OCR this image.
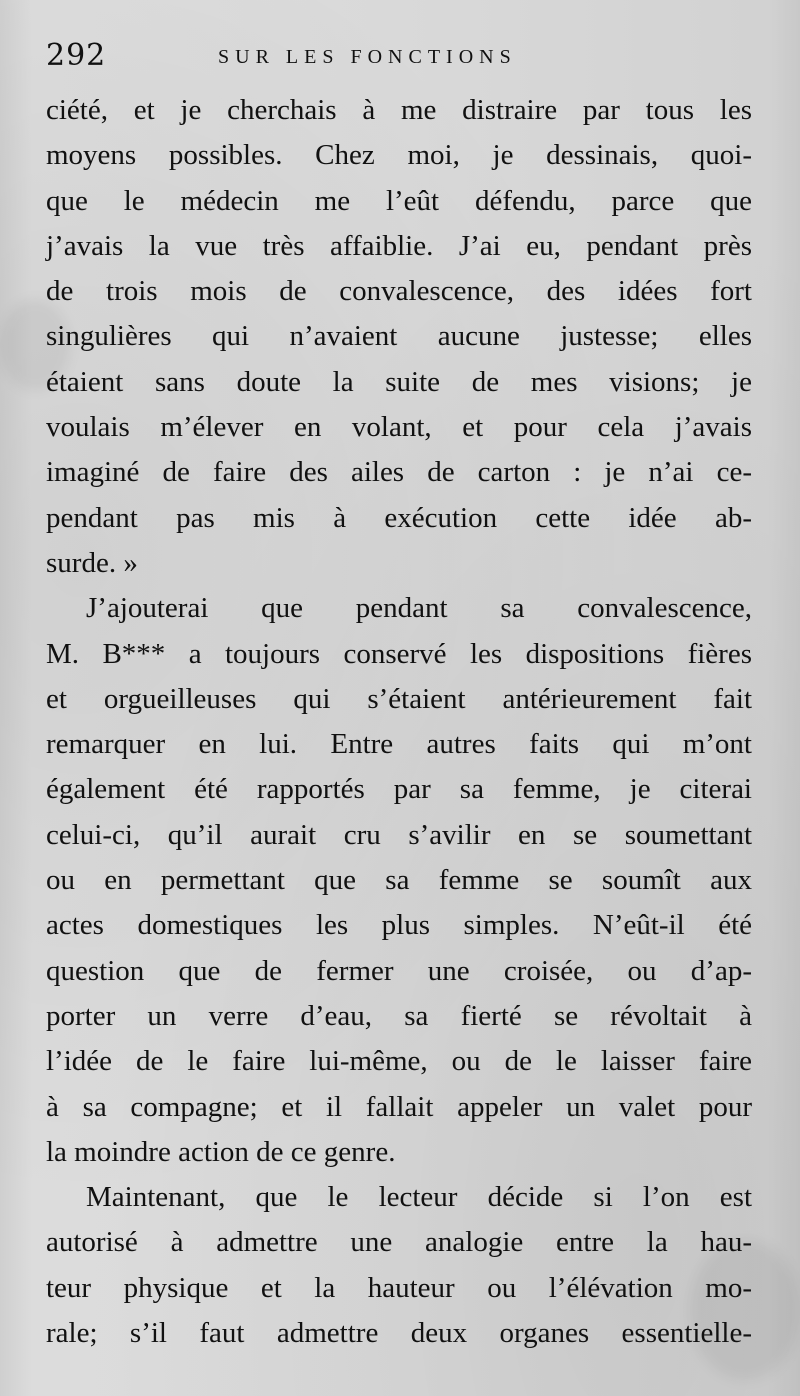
292	SUR LES FONCTIONS
ciété, et je cherchais à me distraire par tous les
moyens possibles. Chez moi, je dessinais, quoi-
que le médecin me l’eût défendu, parce que
j’avais la vue très affaiblie. J’ai eu, pendant près
de trois mois de convalescence, des idées fort
singulières qui n’avaient aucune justesse; elles
étaient sans doute la suite de mes visions; je
voulais m’élever en volant, et pour cela j’avais
imaginé de faire des ailes de carton : je n’ai ce-
pendant pas mis à exécution cette idée ab-
surde. »
J’ajouterai que pendant sa convalescence,
M. B*** a toujours conservé les dispositions fières
et orgueilleuses qui s’étaient antérieurement fait
remarquer en lui. Entre autres faits qui m’ont
également été rapportés par sa femme, je citerai
celui-ci, qu’il aurait cru s’avilir en se soumettant
ou en permettant que sa femme se soumît aux
actes domestiques les plus simples. N’eût-il été
question que de fermer une croisée, ou d’ap-
porter un verre d’eau, sa fierté se révoltait à
l’idée de le faire lui-même, ou de le laisser faire
à sa compagne; et il fallait appeler un valet pour
la moindre action de ce genre.
Maintenant, que le lecteur décide si l’on est
autorisé à admettre une analogie entre la hau-
teur physique et la hauteur ou l’élévation mo-
rale; s’il faut admettre deux organes essentielle-
